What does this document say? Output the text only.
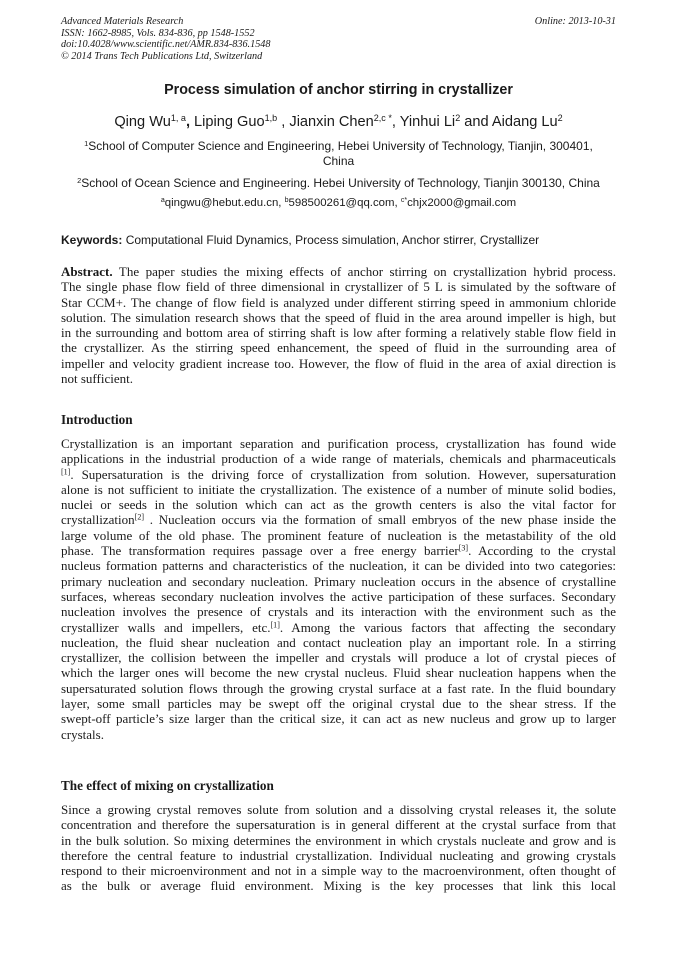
Advanced Materials Research
ISSN: 1662-8985, Vols. 834-836, pp 1548-1552
doi:10.4028/www.scientific.net/AMR.834-836.1548
© 2014 Trans Tech Publications Ltd, Switzerland
Online: 2013-10-31
Process simulation of anchor stirring in crystallizer
Qing Wu$^{1, a}$, Liping Guo$^{1,b}$ , Jianxin Chen$^{2,c *}$, Yinhui Li$^2$ and Aidang Lu$^2$
$^1$School of Computer Science and Engineering, Hebei University of Technology, Tianjin, 300401,
China
$^2$School of Ocean Science and Engineering. Hebei University of Technology, Tianjin 300130, China
$^a$qingwu@hebut.edu.cn, $^b$598500261@qq.com, $^{c*}$chjx2000@gmail.com
Keywords: Computational Fluid Dynamics, Process simulation, Anchor stirrer, Crystallizer
Abstract. The paper studies the mixing effects of anchor stirring on crystallization hybrid process.
The single phase flow field of three dimensional in crystallizer of 5 L is simulated by the software of
Star CCM+. The change of flow field is analyzed under different stirring speed in ammonium chloride
solution. The simulation research shows that the speed of fluid in the area around impeller is high, but
in the surrounding and bottom area of stirring shaft is low after forming a relatively stable flow field in
the crystallizer. As the stirring speed enhancement, the speed of fluid in the surrounding area of
impeller and velocity gradient increase too. However, the flow of fluid in the area of axial direction is
not sufficient.
Introduction
Crystallization is an important separation and purification process, crystallization has found wide
applications in the industrial production of a wide range of materials, chemicals and pharmaceuticals
[1]. Supersaturation is the driving force of crystallization from solution. However, supersaturation
alone is not sufficient to initiate the crystallization. The existence of a number of minute solid bodies,
nuclei or seeds in the solution which can act as the growth centers is also the vital factor for
crystallization[2] . Nucleation occurs via the formation of small embryos of the new phase inside the
large volume of the old phase. The prominent feature of nucleation is the metastability of the old
phase. The transformation requires passage over a free energy barrier[3]. According to the crystal
nucleus formation patterns and characteristics of the nucleation, it can be divided into two categories:
primary nucleation and secondary nucleation. Primary nucleation occurs in the absence of crystalline
surfaces, whereas secondary nucleation involves the active participation of these surfaces. Secondary
nucleation involves the presence of crystals and its interaction with the environment such as the
crystallizer walls and impellers, etc.[1]. Among the various factors that affecting the secondary
nucleation, the fluid shear nucleation and contact nucleation play an important role. In a stirring
crystallizer, the collision between the impeller and crystals will produce a lot of crystal pieces of
which the larger ones will become the new crystal nucleus. Fluid shear nucleation happens when the
supersaturated solution flows through the growing crystal surface at a fast rate. In the fluid boundary
layer, some small particles may be swept off the original crystal due to the shear stress. If the
swept-off particle’s size larger than the critical size, it can act as new nucleus and grow up to larger
crystals.
The effect of mixing on crystallization
Since a growing crystal removes solute from solution and a dissolving crystal releases it, the solute
concentration and therefore the supersaturation is in general different at the crystal surface from that
in the bulk solution. So mixing determines the environment in which crystals nucleate and grow and is
therefore the central feature to industrial crystallization. Individual nucleating and growing crystals
respond to their microenvironment and not in a simple way to the macroenvironment, often thought of
as the bulk or average fluid environment. Mixing is the key processes that link this local
